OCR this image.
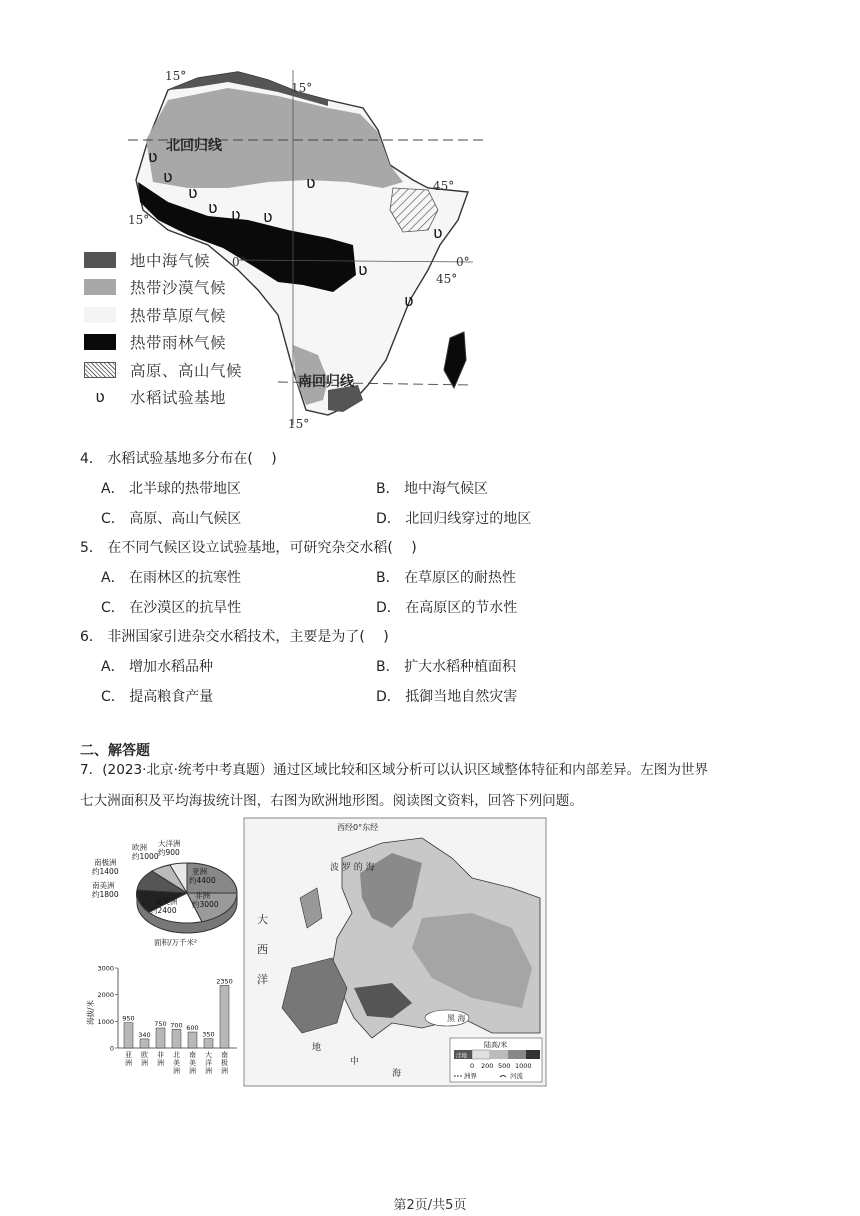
ʋ
ʋ
ʋ
ʋ ʋ ʋ
ʋ
ʋ
ʋ
ʋ
15°
15°
15°
45°
0°	0°
45°
15°
北回归线
南回归线
地中海气候
热带沙漠气候
热带草原气候
热带雨林气候
高原、高山气候
ʋ	水稻试验基地
4． 水稻试验基地多分布在(　 )
A． 北半球的热带地区	B． 地中海气候区
C． 高原、高山气候区	D． 北回归线穿过的地区
5． 在不同气候区设立试验基地，可研究杂交水稻(　 )
A． 在雨林区的抗寒性	B． 在草原区的耐热性
C． 在沙漠区的抗旱性	D． 在高原区的节水性
6． 非洲国家引进杂交水稻技术，主要是为了(　 )
A． 增加水稻品种	B． 扩大水稻种植面积
C． 提高粮食产量	D． 抵御当地自然灾害
二、解答题
7．(2023·北京·统考中考真题）通过区域比较和区域分析可以认识区域整体特征和内部差异。左图为世界
七大洲面积及平均海拔统计图，右图为欧洲地形图。阅读图文资料，回答下列问题。
亚洲
约4400
非洲
约3000
北美洲
约2400
南美洲
约1800
南极洲
约1400
欧洲
约1000
大洋洲
约900
面积/万千米²
海拔/米
0
1000
2000
3000
950
亚
洲
340
欧
洲
750
非
洲
700
北
美
洲
600
南
美
洲
350
大
洋
洲
2350
南
极
洲
西经0°东经
波 罗 的 海
大
西
洋
黑 海
地
中
海
陆高/米
洼地
0 200 500 1000
洲界	河流
第2页/共5页
